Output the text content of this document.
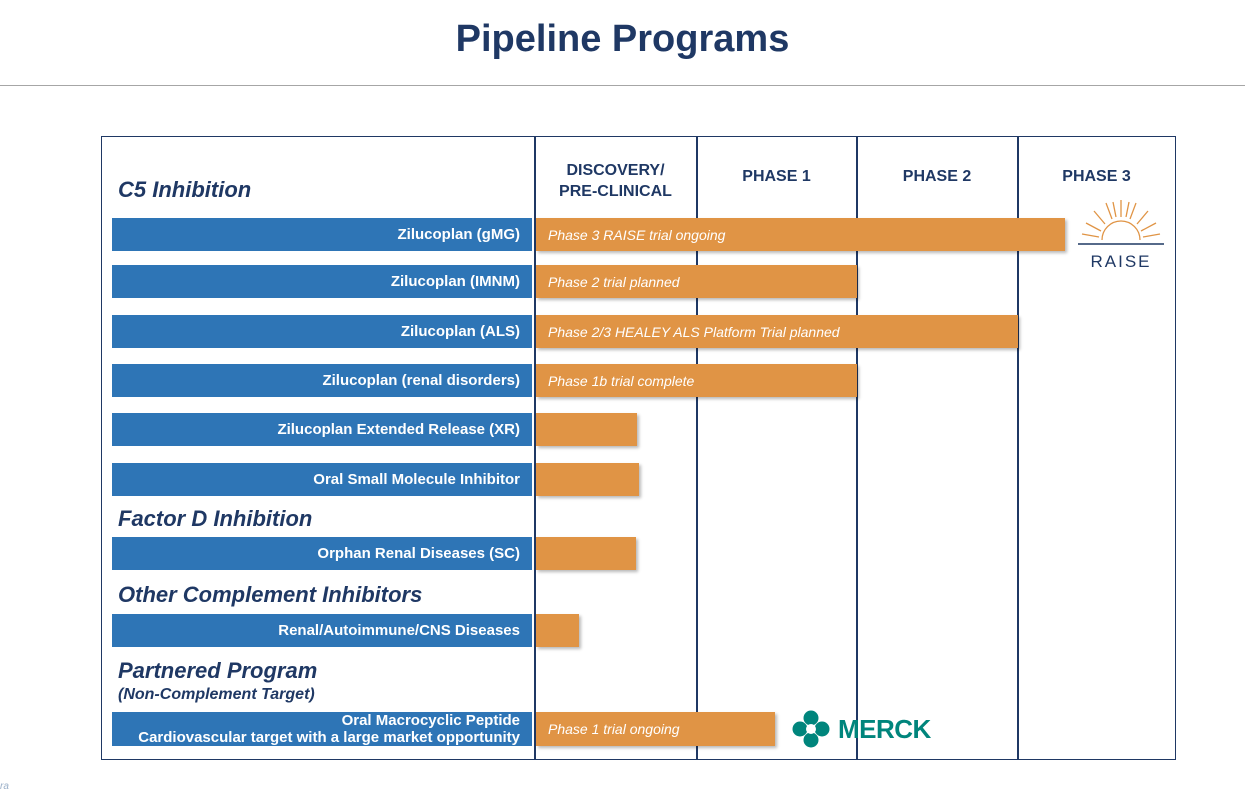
Pipeline Programs
DISCOVERY/
PRE-CLINICAL
PHASE 1	PHASE 2	PHASE 3
C5 Inhibition
Factor D Inhibition
Other Complement Inhibitors
Partnered Program
(Non-Complement Target)
Zilucoplan (gMG)
Zilucoplan (IMNM)
Zilucoplan (ALS)
Zilucoplan (renal disorders)
Zilucoplan Extended Release (XR)
Oral Small Molecule Inhibitor
Orphan Renal Diseases (SC)
Renal/Autoimmune/CNS Diseases
Oral Macrocyclic Peptide
Cardiovascular target with a large market opportunity
Phase 3 RAISE trial ongoing
Phase 2 trial planned
Phase 2/3 HEALEY ALS Platform Trial planned
Phase 1b trial complete
Phase 1 trial ongoing
RAISE
MERCK
ra
